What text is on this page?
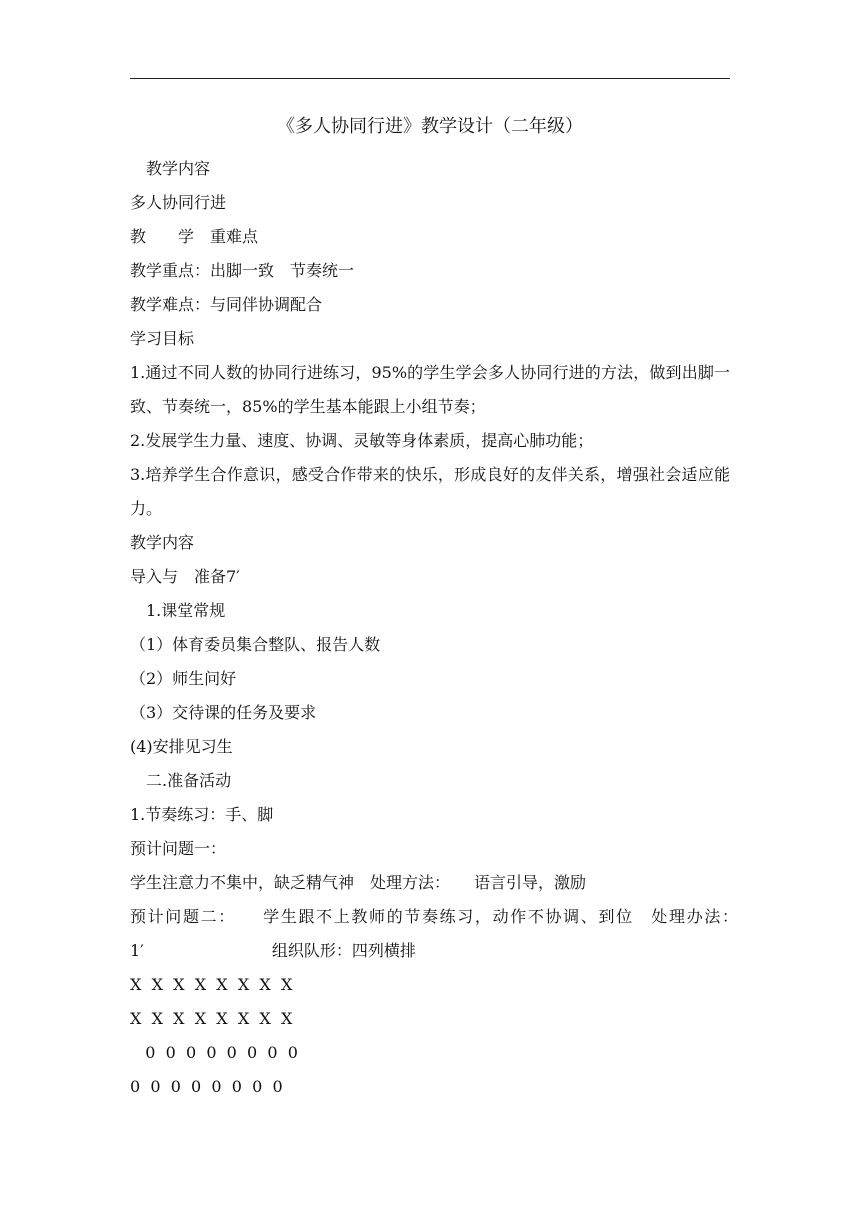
《多人协同行进》教学设计（二年级）
教学内容
多人协同行进
教　　学　重难点
教学重点：出脚一致　节奏统一
教学难点：与同伴协调配合
学习目标
1.通过不同人数的协同行进练习，95%的学生学会多人协同行进的方法，做到出脚一致、节奏统一，85%的学生基本能跟上小组节奏；
2.发展学生力量、速度、协调、灵敏等身体素质，提高心肺功能；
3.培养学生合作意识，感受合作带来的快乐，形成良好的友伴关系，增强社会适应能力。
教学内容
导入与　准备7′
1.课堂常规
（1）体育委员集合整队、报告人数
（2）师生问好
（3）交待课的任务及要求
(4)安排见习生
二.准备活动
1.节奏练习：手、脚
预计问题一：
学生注意力不集中，缺乏精气神　处理方法：　　语言引导，激励
预计问题二：　　学生跟不上教师的节奏练习，动作不协调、到位　处理办法：　　　1′　　　　　　　　组织队形：四列横排
X  X  X  X  X  X  X  X
X  X  X  X  X  X  X  X
0  0  0  0  0  0  0  0
0  0  0  0  0  0  0  0
